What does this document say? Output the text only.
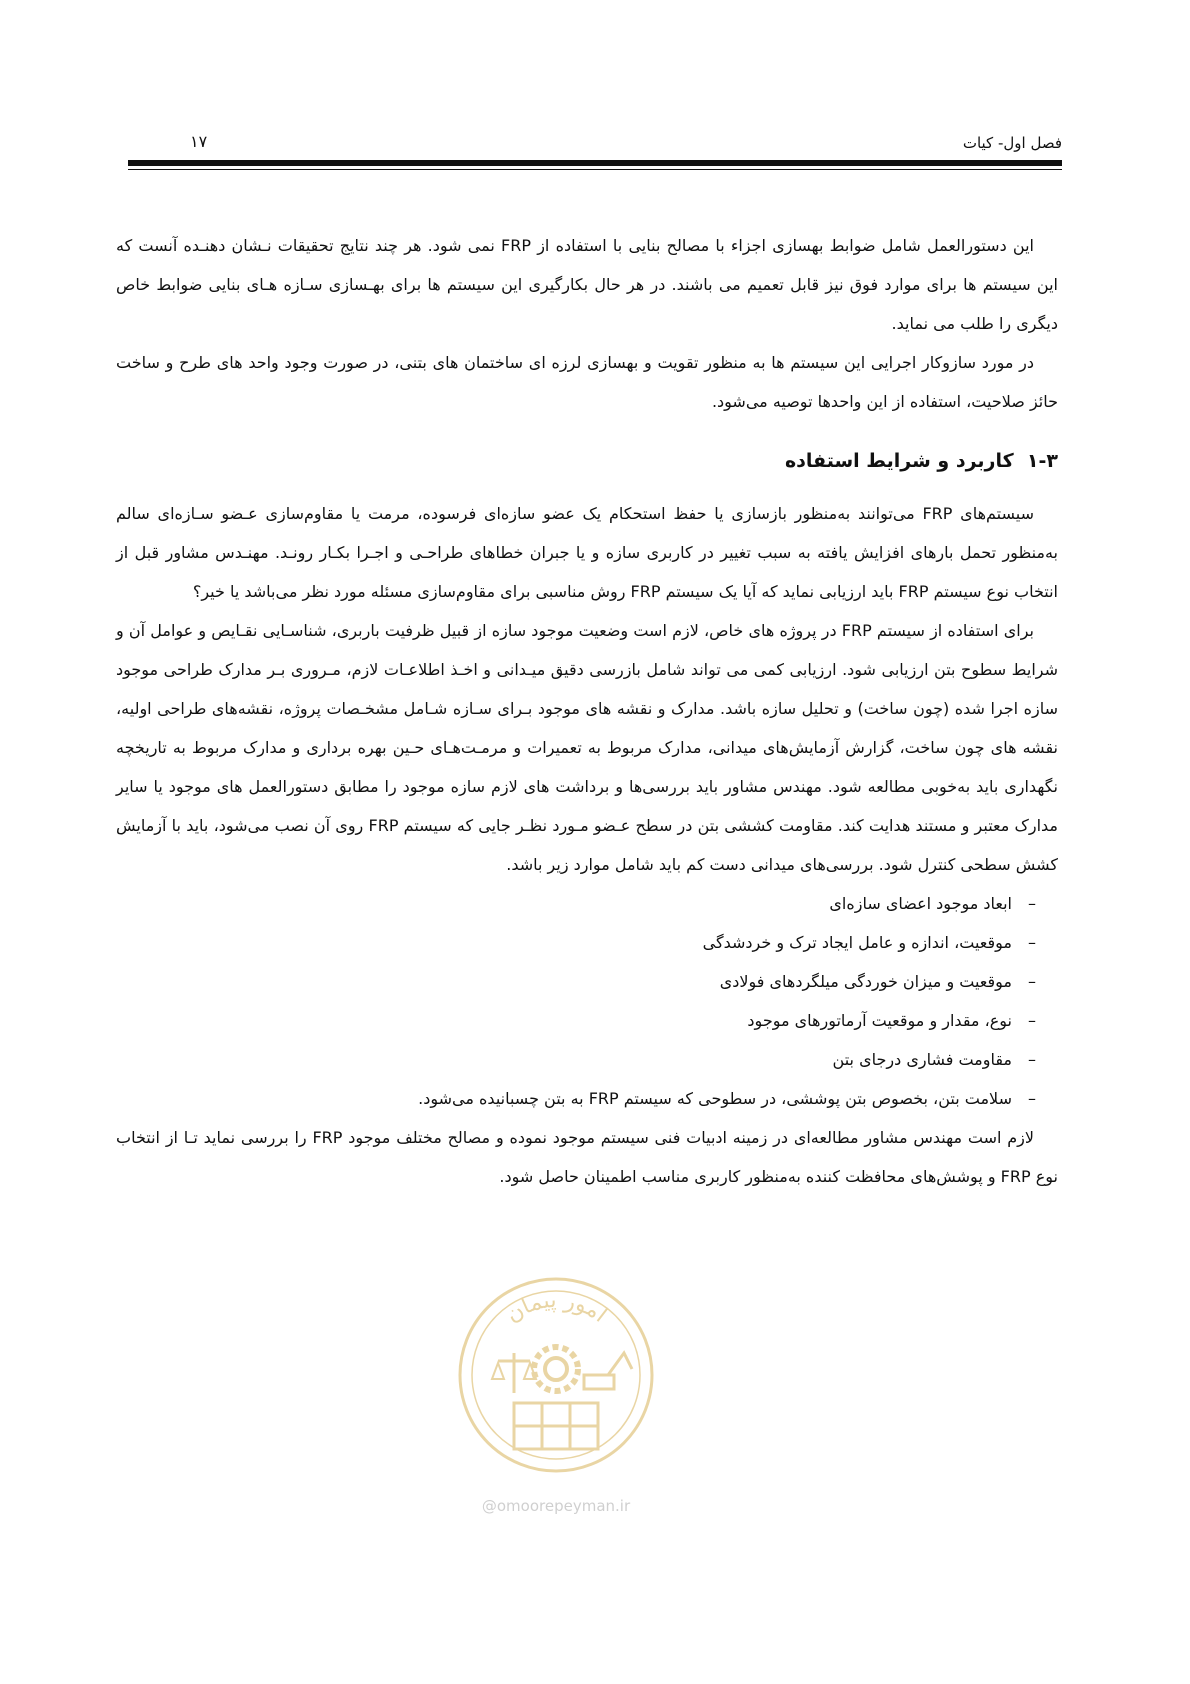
فصل اول- کیات
۱۷

این دستورالعمل شامل ضوابط بهسازی اجزاء با مصالح بنایی با استفاده از FRP نمی شود. هر چند نتایج تحقیقات نـشان دهنـده آنست که این سیستم ها برای موارد فوق نیز قابل تعمیم می باشند. در هر حال بکارگیری این سیستم ها برای بهـسازی سـازه هـای بنایی ضوابط خاص دیگری را طلب می نماید.

در مورد سازوکار اجرایی این سیستم ها به منظور تقویت و بهسازی لرزه ای ساختمان های بتنی، در صورت وجود واحد های طرح و ساخت حائز صلاحیت، استفاده از این واحدها توصیه می‌شود.

۱-۳  کاربرد و شرایط استفاده

سیستم‌های FRP می‌توانند به‌منظور بازسازی یا حفظ استحکام یک عضو سازه‌ای فرسوده، مرمت یا مقاوم‌سازی عـضو سـازه‌ای سالم به‌منظور تحمل بارهای افزایش یافته به سبب تغییر در کاربری سازه و یا جبران خطاهای طراحـی و اجـرا بکـار رونـد. مهنـدس مشاور قبل از انتخاب نوع سیستم FRP باید ارزیابی نماید که آیا یک سیستم FRP روش مناسبی برای مقاوم‌سازی مسئله مورد نظر می‌باشد یا خیر؟

برای استفاده از سیستم FRP در پروژه های خاص، لازم است وضعیت موجود سازه از قبیل ظرفیت باربری، شناسـایی نقـایص و عوامل آن و شرایط سطوح بتن ارزیابی شود. ارزیابی کمی می تواند شامل بازرسی دقیق میـدانی و اخـذ اطلاعـات لازم، مـروری بـر مدارک طراحی موجود سازه اجرا شده (چون ساخت) و تحلیل سازه باشد. مدارک و نقشه های موجود بـرای سـازه شـامل مشخـصات پروژه، نقشه‌های طراحی اولیه، نقشه های چون ساخت، گزارش آزمایش‌های میدانی، مدارک مربوط به تعمیرات و مرمـت‌هـای حـین بهره برداری و مدارک مربوط به تاریخچه نگهداری باید به‌خوبی مطالعه شود. مهندس مشاور باید بررسی‌ها و برداشت های لازم سازه موجود را مطابق دستورالعمل های موجود یا سایر مدارک معتبر و مستند هدایت کند. مقاومت کششی بتن در سطح عـضو مـورد نظـر جایی که سیستم FRP روی آن نصب می‌شود، باید با آزمایش کشش سطحی کنترل شود. بررسی‌های میدانی دست کم باید شامل موارد زیر باشد.

–ابعاد موجود اعضای سازه‌ای
–موقعیت، اندازه و عامل ایجاد ترک و خردشدگی
–موقعیت و میزان خوردگی میلگردهای فولادی
–نوع، مقدار و موقعیت آرماتورهای موجود
–مقاومت فشاری درجای بتن
–سلامت بتن، بخصوص بتن پوششی، در سطوحی که سیستم FRP به بتن چسبانیده می‌شود.

لازم است مهندس مشاور مطالعه‌ای در زمینه ادبیات فنی سیستم موجود نموده و مصالح مختلف موجود FRP را بررسی نماید تـا از انتخاب نوع FRP و پوشش‌های محافظت کننده به‌منظور کاربری مناسب اطمینان حاصل شود.

امور پیمان
@omoorepeyman.ir
